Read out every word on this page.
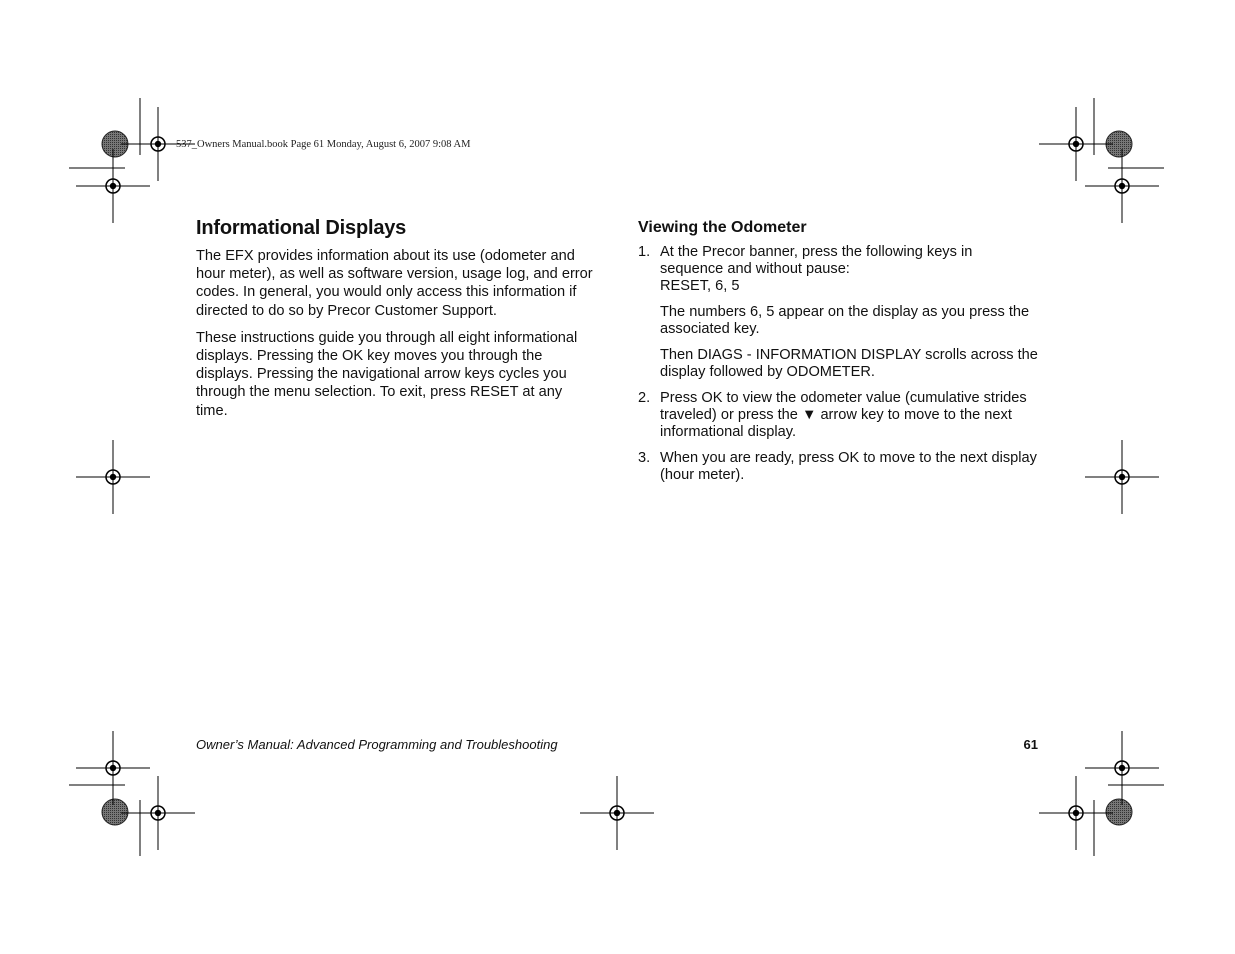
537_Owners Manual.book Page 61 Monday, August 6, 2007 9:08 AM
Informational Displays

The EFX provides information about its use (odometer and hour meter), as well as software version, usage log, and error codes. In general, you would only access this information if directed to do so by Precor Customer Support.

These instructions guide you through all eight informational displays. Pressing the OK key moves you through the displays. Pressing the navigational arrow keys cycles you through the menu selection. To exit, press RESET at any time.

Viewing the Odometer
1. At the Precor banner, press the following keys in sequence and without pause:
RESET, 6, 5

The numbers 6, 5 appear on the display as you press the associated key.

Then DIAGS - INFORMATION DISPLAY scrolls across the display followed by ODOMETER.

2. Press OK to view the odometer value (cumulative strides traveled) or press the ▼ arrow key to move to the next informational display.

3. When you are ready, press OK to move to the next display (hour meter).

Owner’s Manual: Advanced Programming and Troubleshooting	61
